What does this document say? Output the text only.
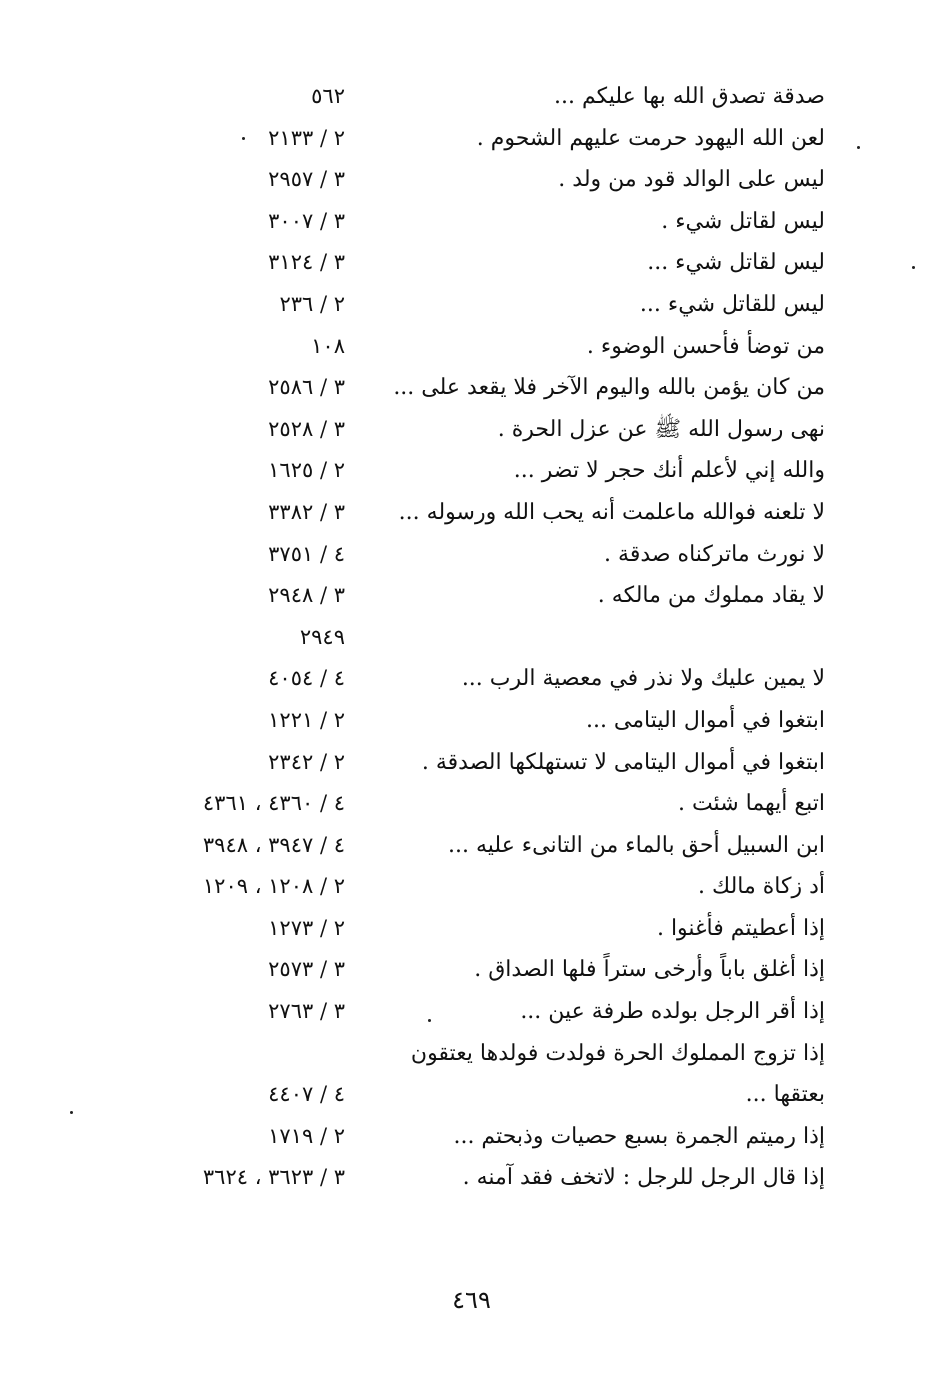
صدقة تصدق الله بها عليكم ...
٥٦٢
لعن الله اليهود حرمت عليهم الشحوم .
٢ / ٢١٣٣
ليس على الوالد قود من ولد .
٣ / ٢٩٥٧
ليس لقاتل شيء .
٣ / ٣٠٠٧
ليس لقاتل شيء ...
٣ / ٣١٢٤
ليس للقاتل شيء ...
٢ / ٢٣٦
من توضأ فأحسن الوضوء .
١٠٨
من كان يؤمن بالله واليوم الآخر فلا يقعد على ...
٣ / ٢٥٨٦
نهى رسول الله ﷺ عن عزل الحرة .
٣ / ٢٥٢٨
والله إني لأعلم أنك حجر لا تضر ...
٢ / ١٦٢٥
لا تلعنه فوالله ماعلمت أنه يحب الله ورسوله ...
٣ / ٣٣٨٢
لا نورث ماتركناه صدقة .
٤ / ٣٧٥١
لا يقاد مملوك من مالكه .
٣ / ٢٩٤٨
٢٩٤٩
لا يمين عليك ولا نذر في معصية الرب ...
٤ / ٤٠٥٤
ابتغوا في أموال اليتامى ...
٢ / ١٢٢١
ابتغوا في أموال اليتامى لا تستهلكها الصدقة .
٢ / ٢٣٤٢
اتبع أيهما شئت .
٤ / ٤٣٦٠ ، ٤٣٦١
ابن السبيل أحق بالماء من التانىء عليه ...
٤ / ٣٩٤٧ ، ٣٩٤٨
أد زكاة مالك .
٢ / ١٢٠٨ ، ١٢٠٩
إذا أعطيتم فأغنوا .
٢ / ١٢٧٣
إذا أغلق باباً وأرخى ستراً فلها الصداق .
٣ / ٢٥٧٣
إذا أقر الرجل بولده طرفة عين ...
٣ / ٢٧٦٣
إذا تزوج المملوك الحرة فولدت فولدها يعتقون
بعتقها ...
٤ / ٤٤٠٧
إذا رميتم الجمرة بسبع حصيات وذبحتم ...
٢ / ١٧١٩
إذا قال الرجل للرجل : لاتخف فقد آمنه .
٣ / ٣٦٢٣ ، ٣٦٢٤
٤٦٩
